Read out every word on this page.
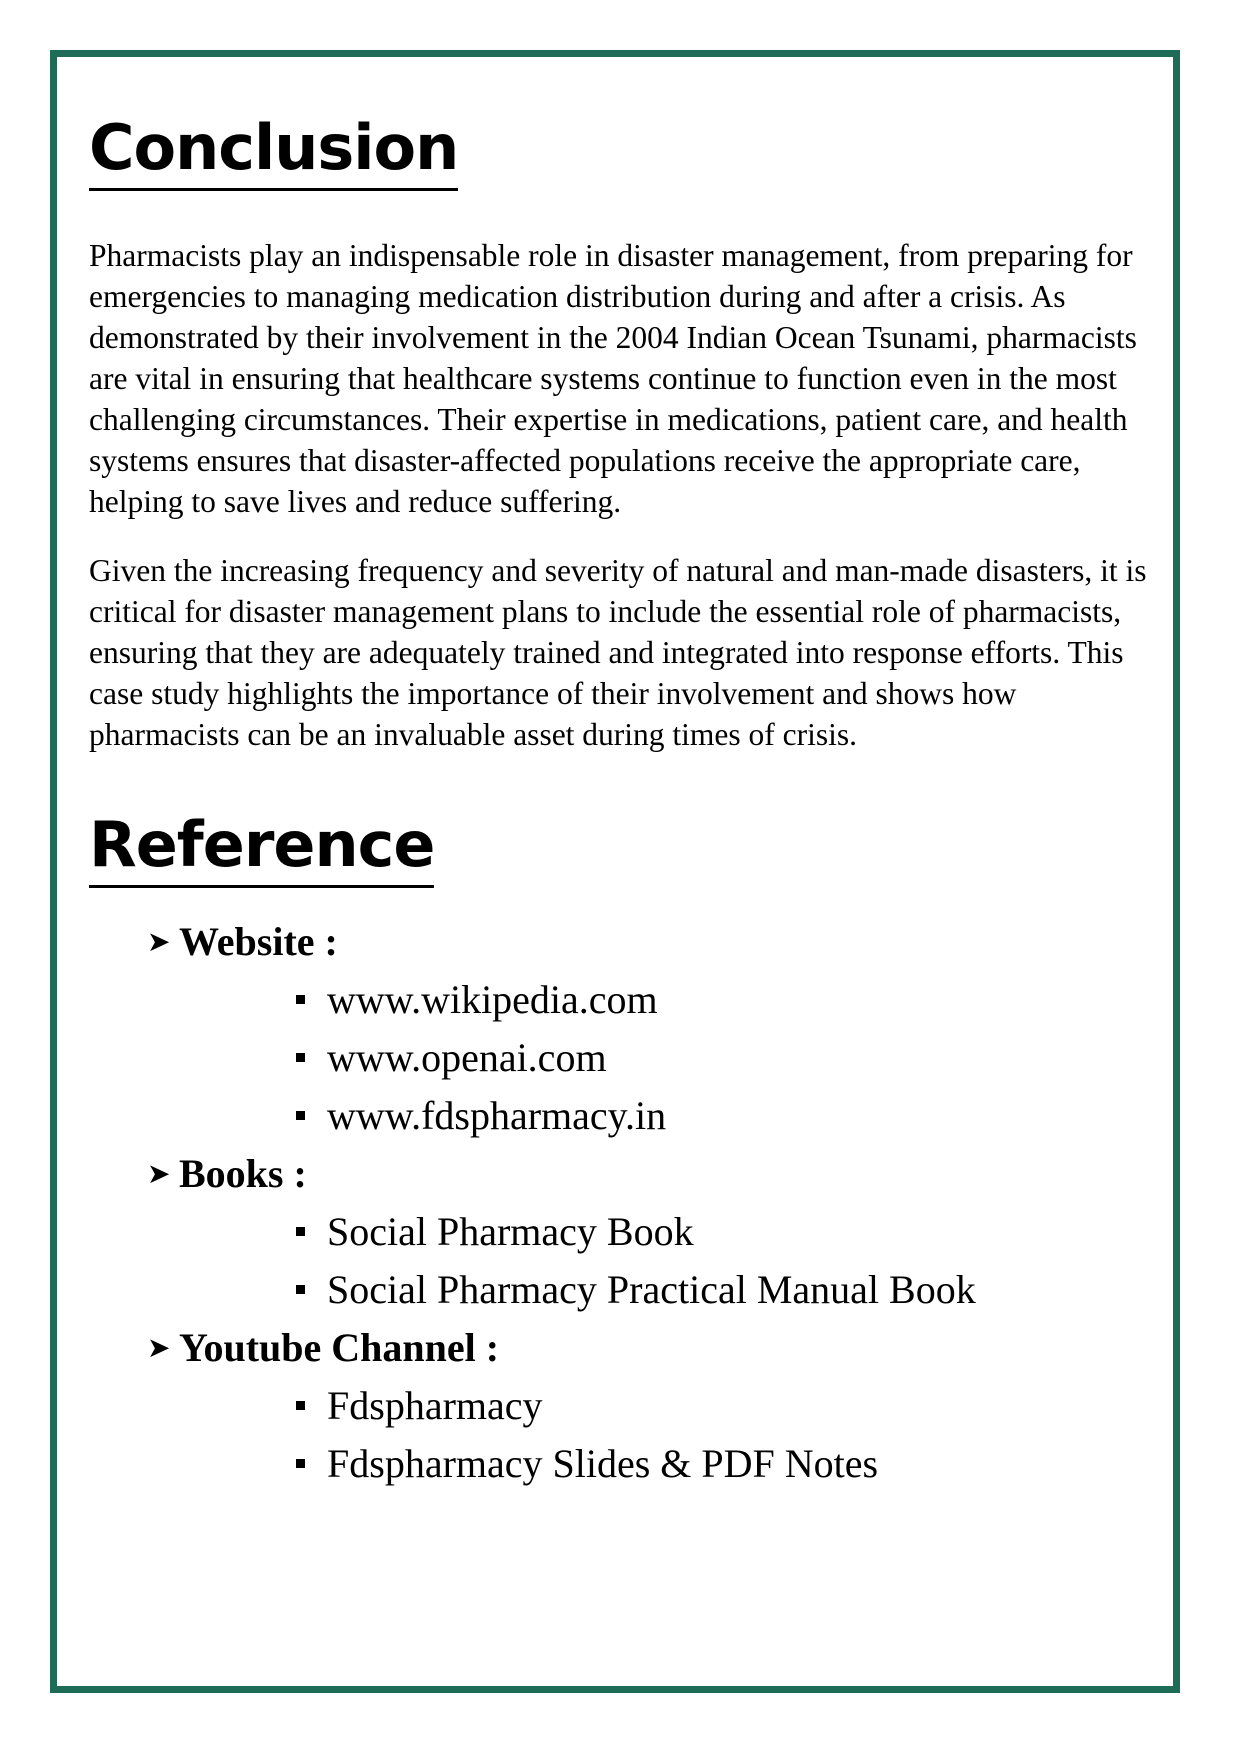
Conclusion

Pharmacists play an indispensable role in disaster management, from preparing for emergencies to managing medication distribution during and after a crisis. As demonstrated by their involvement in the 2004 Indian Ocean Tsunami, pharmacists are vital in ensuring that healthcare systems continue to function even in the most challenging circumstances. Their expertise in medications, patient care, and health systems ensures that disaster-affected populations receive the appropriate care, helping to save lives and reduce suffering.

Given the increasing frequency and severity of natural and man-made disasters, it is critical for disaster management plans to include the essential role of pharmacists, ensuring that they are adequately trained and integrated into response efforts. This case study highlights the importance of their involvement and shows how pharmacists can be an invaluable asset during times of crisis.

Reference
➤ Website :
www.wikipedia.com
www.openai.com
www.fdspharmacy.in
➤ Books :
Social Pharmacy Book
Social Pharmacy Practical Manual Book
➤ Youtube Channel :
Fdspharmacy
Fdspharmacy Slides & PDF Notes
